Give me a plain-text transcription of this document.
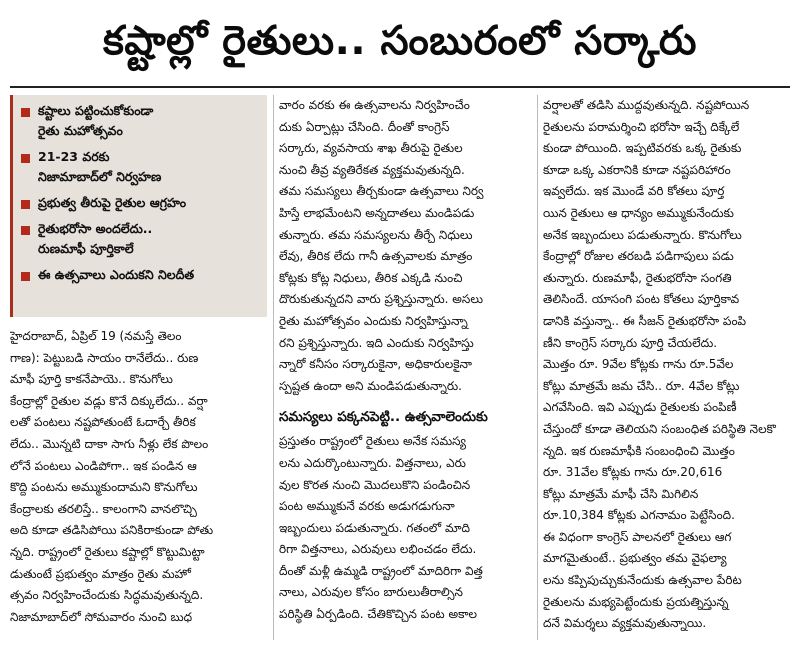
కష్టాల్లో రైతులు.. సంబురంలో సర్కారు
కష్టాలు పట్టించుకోకుండా
రైతు మహోత్సవం
21-23 వరకు
నిజామాబాద్‌లో నిర్వహణ
ప్రభుత్వ తీరుపై రైతుల ఆగ్రహం
రైతుభరోసా అందలేదు..
రుణమాఫీ పూర్తికాలే
ఈ ఉత్సవాలు ఎందుకని నిలదీత
హైదరాబాద్, ఏప్రిల్ 19 (నమస్తే తెలం
గాణ): పెట్టుబడి సాయం రానేలేదు.. రుణ
మాఫీ పూర్తి కాకనేపాయె.. కొనుగోలు
కేంద్రాల్లో రైతుల వడ్లు కొనే దిక్కులేదు.. వర్షా
లతో పంటలు నష్టపోతుంటే ఓదార్చే తీరిక
లేదు.. మొన్నటి దాకా సాగు నీళ్లు లేక పొలం
లోనే పంటలు ఎండిపోగా.. ఇక పండిన ఆ
కొద్ది పంటను అమ్ముకుందామని కొనుగోలు
కేంద్రాలకు తరలిస్తే.. కాలంగాని వానలొచ్చి
అది కూడా తడిసిపోయి పనికిరాకుండా పోతు
న్నది. రాష్ట్రంలో రైతులు కష్టాల్లో కొట్టుమిట్టా
డుతుంటే ప్రభుత్వం మాత్రం రైతు మహో
త్సవం నిర్వహించేందుకు సిద్ధమవుతున్నది.
నిజామాబాద్‌లో సోమవారం నుంచి బుధ
వారం వరకు ఈ ఉత్సవాలను నిర్వహించేం
దుకు ఏర్పాట్లు చేసింది. దీంతో కాంగ్రెస్
సర్కారు, వ్యవసాయ శాఖ తీరుపై రైతుల
నుంచి తీవ్ర వ్యతిరేకత వ్యక్తమవుతున్నది.
తమ సమస్యలు తీర్చకుండా ఉత్సవాలు నిర్వ
హిస్తే లాభమేంటని అన్నదాతలు మండిపడు
తున్నారు. తమ సమస్యలను తీర్చే నిధులు
లేవు, తీరిక లేదు గానీ ఉత్సవాలకు మాత్రం
కోట్లకు కోట్ల నిధులు, తీరిక ఎక్కడి నుంచి
దొరుకుతున్నదని వారు ప్రశ్నిస్తున్నారు. అసలు
రైతు మహోత్సవం ఎందుకు నిర్వహిస్తున్నా
రని ప్రశ్నిస్తున్నారు. ఇది ఎందుకు నిర్వహిస్తు
న్నారో కనీసం సర్కారుకైనా, అధికారులకైనా
స్పష్టత ఉందా అని మండిపడుతున్నారు.
సమస్యలు పక్కనపెట్టి.. ఉత్సవాలెందుకు
ప్రస్తుతం రాష్ట్రంలో రైతులు అనేక సమస్య
లను ఎదుర్కొంటున్నారు. విత్తనాలు, ఎరు
వుల కొరత నుంచి మొదలుకొని పండించిన
పంట అమ్ముకునే వరకు అడుగడుగునా
ఇబ్బందులు పడుతున్నారు. గతంలో మాది
రిగా విత్తనాలు, ఎరువులు లభించడం లేదు.
దీంతో మళ్లీ ఉమ్మడి రాష్ట్రంలో మాదిరిగా విత్త
నాలు, ఎరువుల కోసం బారులుతీరాల్సిన
పరిస్థితి ఏర్పడింది. చేతికొచ్చిన పంట అకాల
వర్షాలతో తడిసి ముద్దవుతున్నది. నష్టపోయిన
రైతులను పరామర్శించి భరోసా ఇచ్చే దిక్కేలే
కుండా పోయింది. ఇప్పటివరకు ఒక్క రైతుకు
కూడా ఒక్క ఎకరానికి కూడా నష్టపరిహారం
ఇవ్వలేదు. ఇక మొండే వరి కోతలు పూర్త
యిన రైతులు ఆ ధాన్యం అమ్ముకునేందుకు
అనేక ఇబ్బందులు పడుతున్నారు. కొనుగోలు
కేంద్రాల్లో రోజుల తరబడి పడిగాపులు పడు
తున్నారు. రుణమాఫీ, రైతుభరోసా సంగతి
తెలిసిందే. యాసంగి పంట కోతలు పూర్తికావ
డానికి వస్తున్నా.. ఈ సీజన్ రైతుభరోసా పంపి
ణీని కాంగ్రెస్ సర్కారు పూర్తి చేయలేదు.
మొత్తం రూ. 9వేల కోట్లకు గాను రూ.5వేల
కోట్లు మాత్రమే జమ చేసి.. రూ. 4వేల కోట్లు
ఎగవేసింది. ఇవి ఎప్పుడు రైతులకు పంపిణీ
చేస్తుందో కూడా తెలియని సంబంధిత పరిస్థితి నెలకొ
న్నది. ఇక రుణమాఫీకి సంబంధించి మొత్తం
రూ. 31వేల కోట్లకు గాను రూ.20,616
కోట్లు మాత్రమే మాఫీ చేసి మిగిలిన
రూ.10,384 కోట్లకు ఎగనామం పెట్టేసింది.
ఈ విధంగా కాంగ్రెస్ పాలనలో రైతులు ఆగ
మాగమైతుంటే.. ప్రభుత్వం తమ వైఫల్యా
లను కప్పిపుచ్చుకునేందుకు ఉత్సవాల పేరిట
రైతులను మభ్యపెట్టేందుకు ప్రయత్నిస్తున్న
దనే విమర్శలు వ్యక్తమవుతున్నాయి.
